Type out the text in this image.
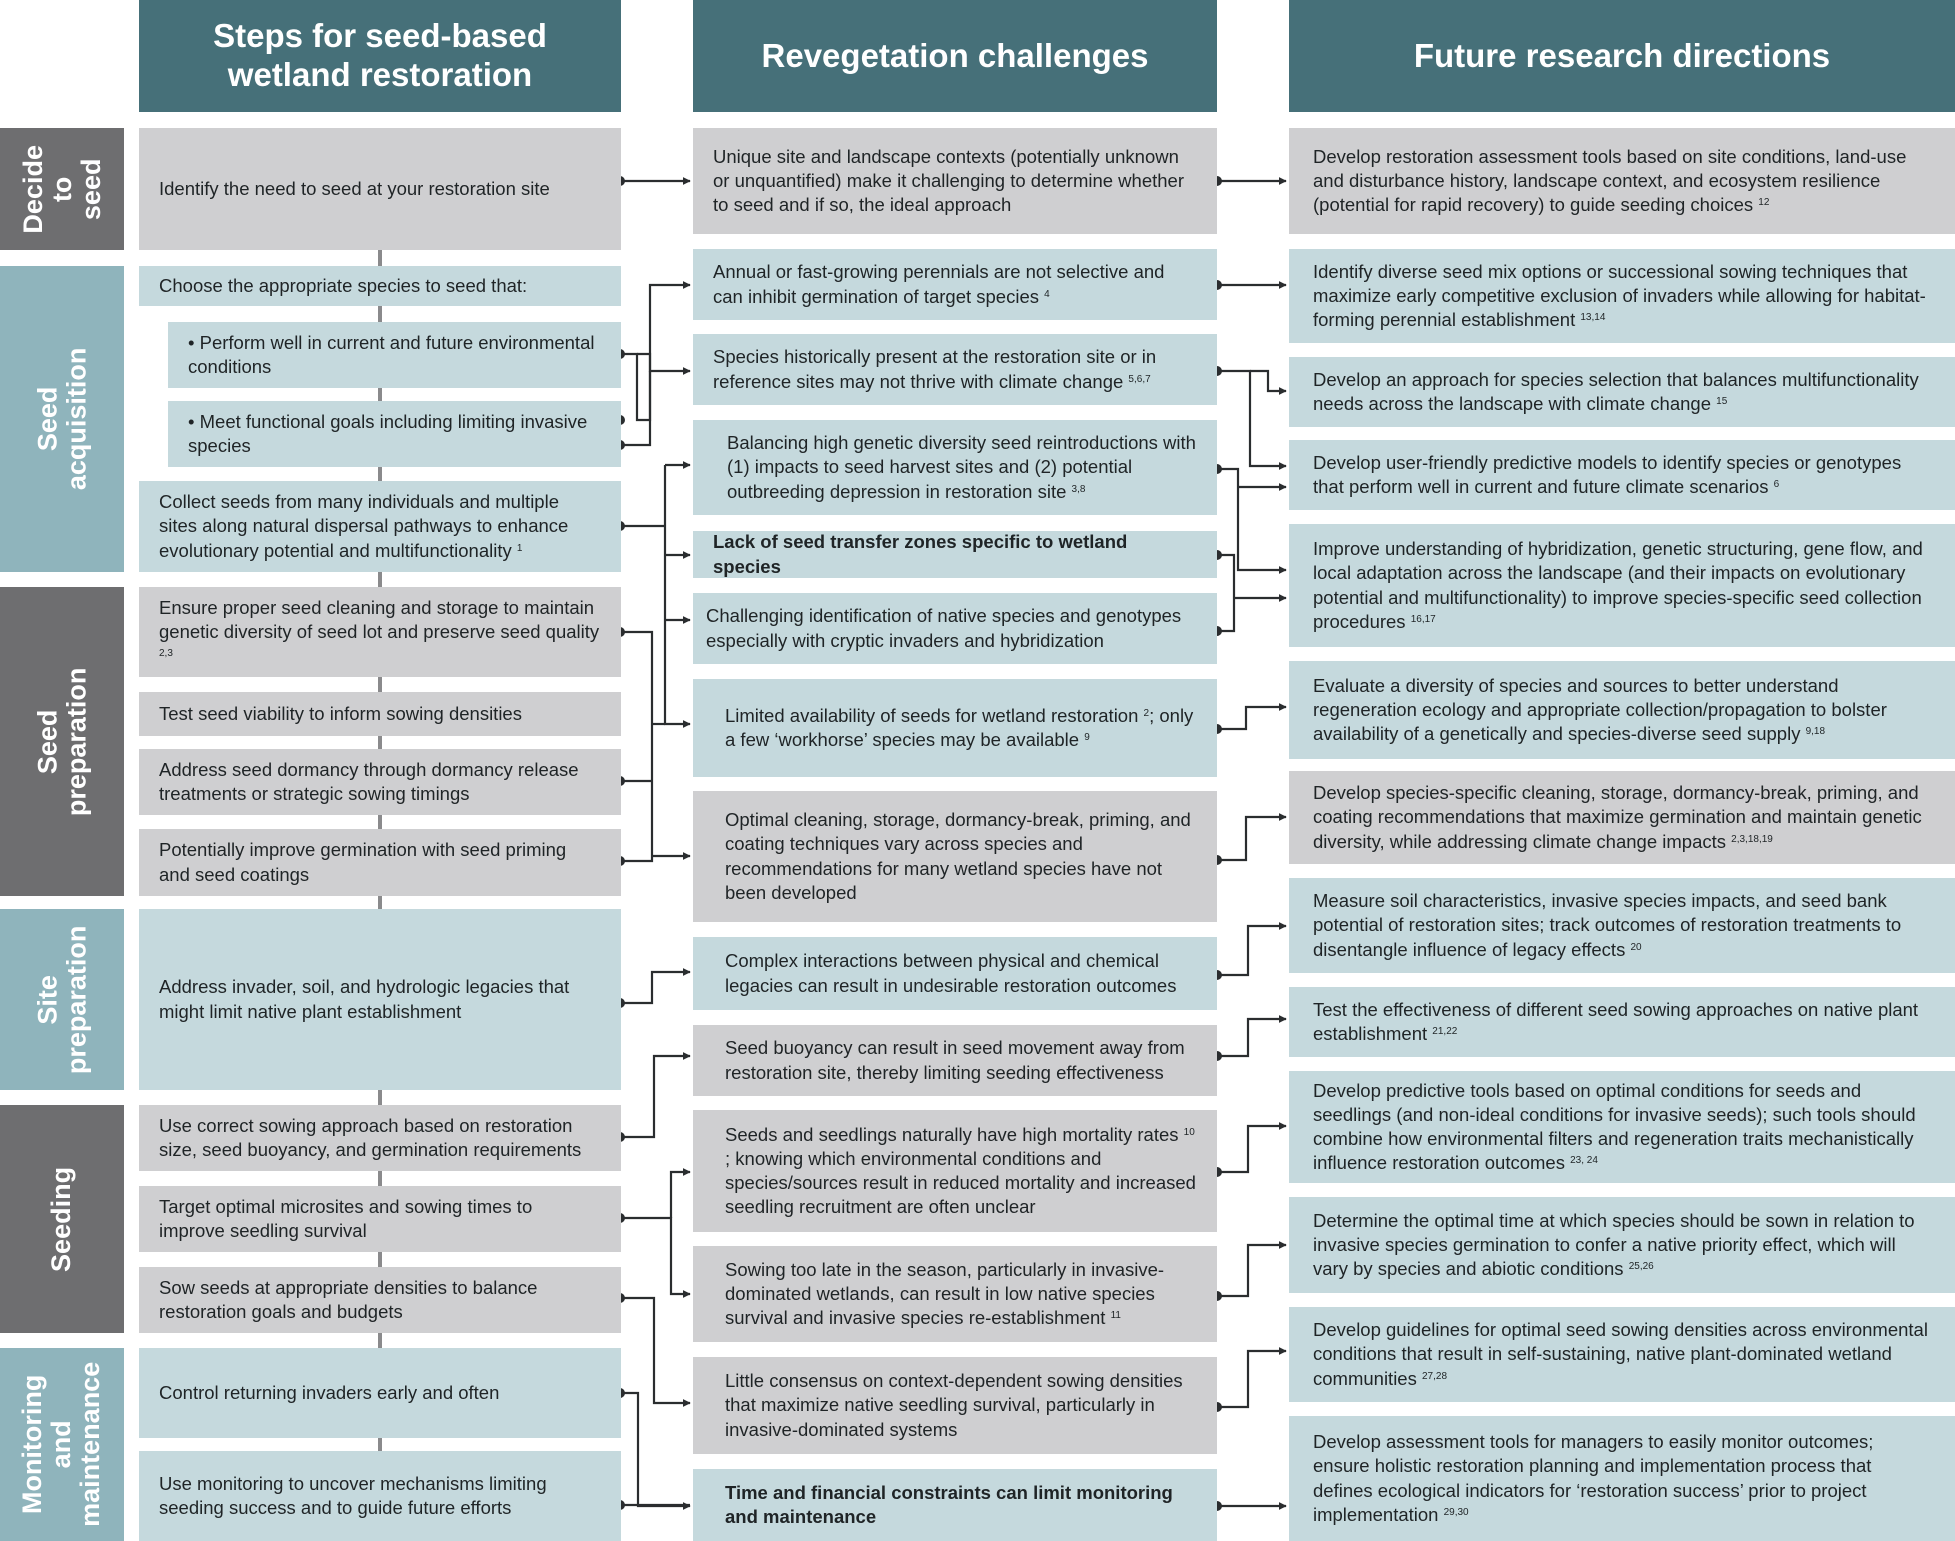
Steps for seed-based wetland restoration
Revegetation challenges	Future research directions
Decide
to
seed
Seed
acquisition
Seed
preparation
Site
preparation
Seeding
Monitoring
and
maintenance
Identify the need to seed at your restoration site
Choose the appropriate species to seed that:
• Perform well in current and future environmental conditions
• Meet functional goals including limiting invasive species
Collect seeds from many individuals and multiple sites along natural dispersal pathways to enhance evolutionary potential and multifunctionality $^1$
Ensure proper seed cleaning and storage to maintain genetic diversity of seed lot and preserve seed quality $^{2,3}$
Test seed viability to inform sowing densities
Address seed dormancy through dormancy release treatments or strategic sowing timings
Potentially improve germination with seed priming and seed coatings
Address invader, soil, and hydrologic legacies that might limit native plant establishment
Use correct sowing approach based on restoration size, seed buoyancy, and germination requirements
Target optimal microsites and sowing times to improve seedling survival
Sow seeds at appropriate densities to balance restoration goals and budgets
Control returning invaders early and often
Use monitoring to uncover mechanisms limiting seeding success and to guide future efforts
Unique site and landscape contexts (potentially unknown or unquantified) make it challenging to determine whether to seed and if so, the ideal approach
Annual or fast-growing perennials are not selective and can inhibit germination of target species $^4$
Species historically present at the restoration site or in reference sites may not thrive with climate change $^{5,6,7}$
Balancing high genetic diversity seed reintroductions with (1) impacts to seed harvest sites and (2) potential outbreeding depression in restoration site $^{3,8}$
Lack of seed transfer zones specific to wetland species
Challenging identification of native species and genotypes especially with cryptic invaders and hybridization
Limited availability of seeds for wetland restoration $^2$; only a few ‘workhorse’ species may be available $^9$
Optimal cleaning, storage, dormancy-break, priming, and coating techniques vary across species and recommendations for many wetland species have not been developed
Complex interactions between physical and chemical legacies can result in undesirable restoration outcomes
Seed buoyancy can result in seed movement away from restoration site, thereby limiting seeding effectiveness
Seeds and seedlings naturally have high mortality rates $^{10}$ ; knowing which environmental conditions and species/sources result in reduced mortality and increased seedling recruitment are often unclear
Sowing too late in the season, particularly in invasive-dominated wetlands, can result in low native species survival and invasive species re-establishment $^{11}$
Little consensus on context-dependent sowing densities that maximize native seedling survival, particularly in invasive-dominated systems
Time and financial constraints can limit monitoring and maintenance
Develop restoration assessment tools based on site conditions, land-use and disturbance history, landscape context, and ecosystem resilience (potential for rapid recovery) to guide seeding choices $^{12}$
Identify diverse seed mix options or successional sowing techniques that maximize early competitive exclusion of invaders while allowing for habitat-forming perennial establishment $^{13,14}$
Develop an approach for species selection that balances multifunctionality needs across the landscape with climate change $^{15}$
Develop user-friendly predictive models to identify species or genotypes that perform well in current and future climate scenarios $^6$
Improve understanding of hybridization, genetic structuring, gene flow, and local adaptation across the landscape (and their impacts on evolutionary potential and multifunctionality) to improve species-specific seed collection procedures $^{16,17}$
Evaluate a diversity of species and sources to better understand regeneration ecology and appropriate collection/propagation to bolster availability of a genetically and species-diverse seed supply $^{9,18}$
Develop species-specific cleaning, storage, dormancy-break, priming, and coating recommendations that maximize germination and maintain genetic diversity, while addressing climate change impacts $^{2,3,18,19}$
Measure soil characteristics, invasive species impacts, and seed bank potential of restoration sites; track outcomes of restoration treatments to disentangle influence of legacy effects $^{20}$
Test the effectiveness of different seed sowing approaches on native plant establishment $^{21,22}$
Develop predictive tools based on optimal conditions for seeds and seedlings (and non-ideal conditions for invasive seeds); such tools should combine how environmental filters and regeneration traits mechanistically influence restoration outcomes $^{23, 24}$
Determine the optimal time at which species should be sown in relation to invasive species germination to confer a native priority effect, which will vary by species and abiotic conditions $^{25,26}$
Develop guidelines for optimal seed sowing densities across environmental conditions that result in self-sustaining, native plant-dominated wetland communities $^{27,28}$
Develop assessment tools for managers to easily monitor outcomes; ensure holistic restoration planning and implementation process that defines ecological indicators for ‘restoration success’ prior to project implementation $^{29,30}$
